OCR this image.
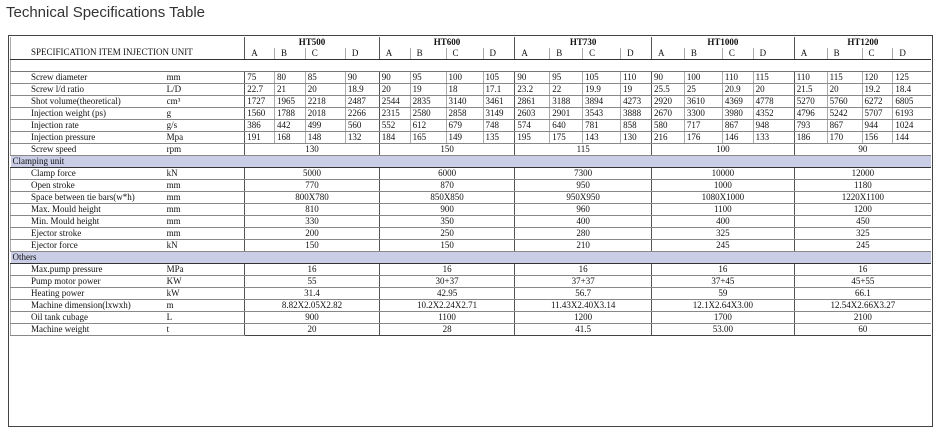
Technical Specifications Table
SPECIFICATION ITEM INJECTION UNIT		HT500				HT600				HT730				HT1000				HT1200			
		A	B	C	D	A	B	C	D	A	B	C	D	A	B	C	D	A	B	C	D

Screw diameter	mm	75	80	85	90	90	95	100	105	90	95	105	110	90	100	110	115	110	115	120	125
Screw l/d ratio	L/D	22.7	21	20	18.9	20	19	18	17.1	23.2	22	19.9	19	25.5	25	20.9	20	21.5	20	19.2	18.4
Shot volume(theoretical)	cm³	1727	1965	2218	2487	2544	2835	3140	3461	2861	3188	3894	4273	2920	3610	4369	4778	5270	5760	6272	6805
Injection weight (ps)	g	1560	1788	2018	2266	2315	2580	2858	3149	2603	2901	3543	3888	2670	3300	3980	4352	4796	5242	5707	6193
Injection rate	g/s	386	442	499	560	552	612	679	748	574	640	781	858	580	717	867	948	793	867	944	1024
Injection pressure	Mpa	191	168	148	132	184	165	149	135	195	175	143	130	216	176	146	133	186	170	156	144
Screw speed	rpm	130				150				115				100				90			
Clamping unit																					
Clamp force	kN	5000				6000				7300				10000				12000			
Open stroke	mm	770				870				950				1000				1180			
Space between tie bars(w*h)	mm	800X780				850X850				950X950				1080X1000				1220X1100			
Max. Mould height	mm	810				900				960				1100				1200			
Min. Mould height	mm	330				350				400				400				450			
Ejector stroke	mm	200				250				280				325				325			
Ejector force	kN	150				150				210				245				245			
Others																					
Max.pump pressure	MPa	16				16				16				16				16			
Pump motor power	KW	55				30+37				37+37				37+45				45+55			
Heating power	kW	31.4				42.95				56.7				59				66.1			
Machine dimension(lxwxh)	m	8.82X2.05X2.82				10.2X2.24X2.71				11.43X2.40X3.14				12.1X2.64X3.00				12.54X2.66X3.27			
Oil tank cubage	L	900				1100				1200				1700				2100			
Machine weight	t	20				28				41.5				53.00				60			
